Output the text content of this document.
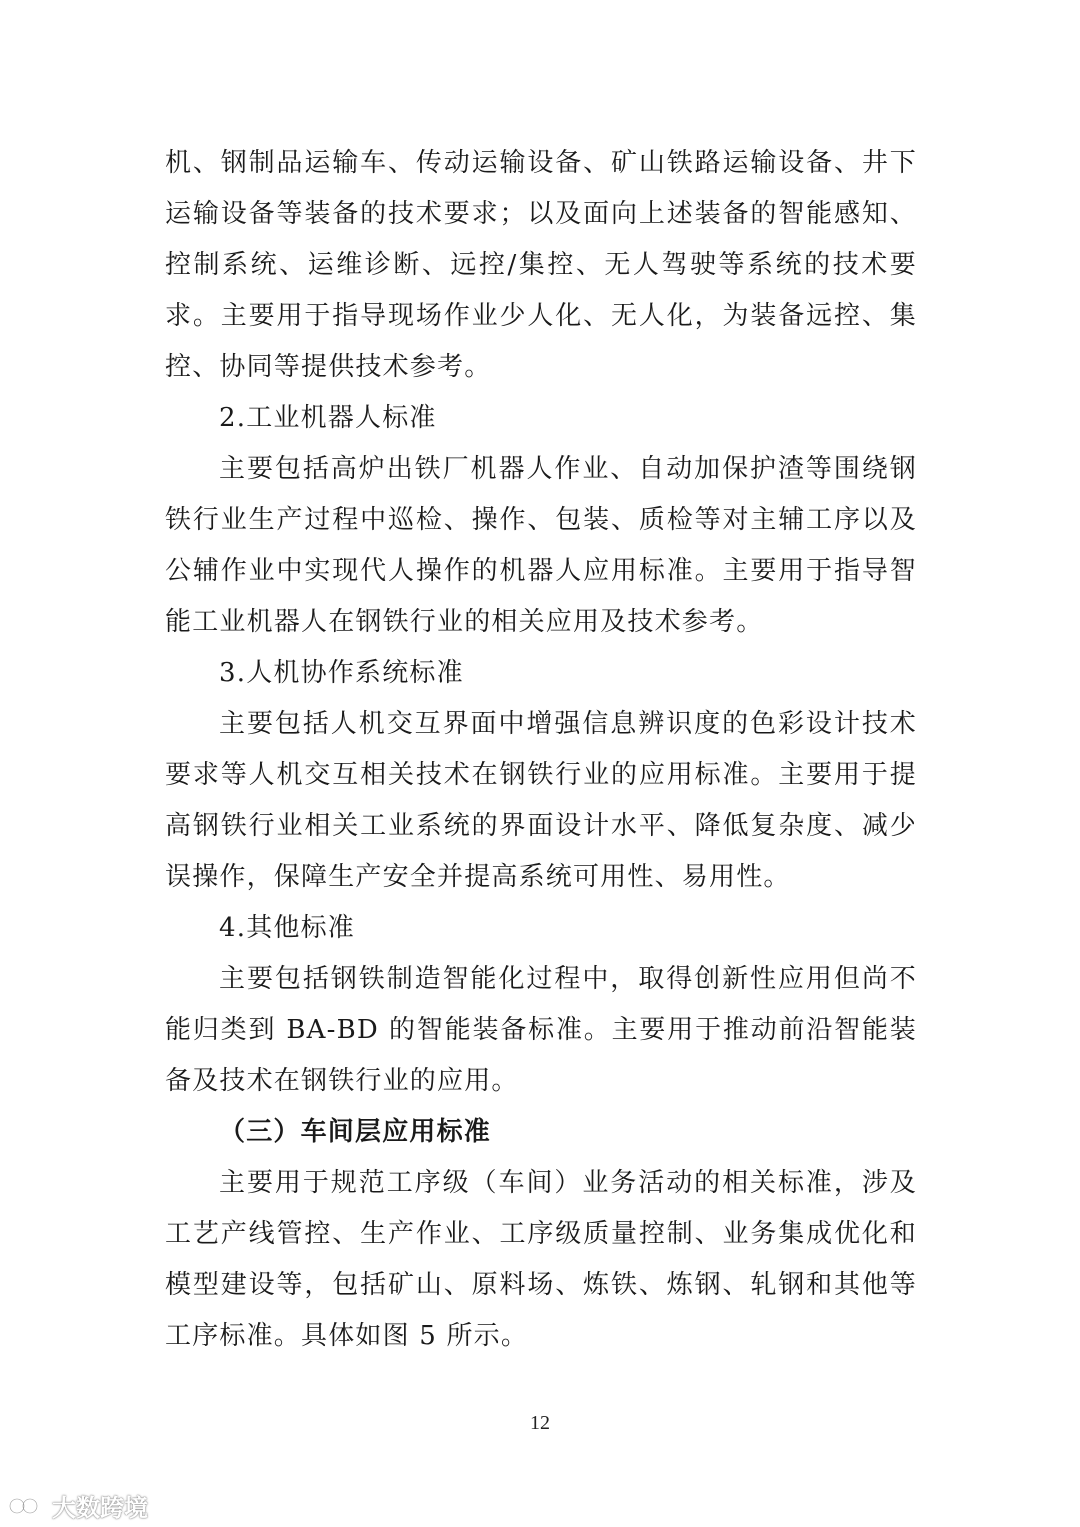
机、钢制品运输车、传动运输设备、矿山铁路运输设备、井下运输设备等装备的技术要求；以及面向上述装备的智能感知、控制系统、运维诊断、远控/集控、无人驾驶等系统的技术要求。主要用于指导现场作业少人化、无人化，为装备远控、集控、协同等提供技术参考。

2.工业机器人标准

主要包括高炉出铁厂机器人作业、自动加保护渣等围绕钢铁行业生产过程中巡检、操作、包装、质检等对主辅工序以及公辅作业中实现代人操作的机器人应用标准。主要用于指导智能工业机器人在钢铁行业的相关应用及技术参考。

3.人机协作系统标准

主要包括人机交互界面中增强信息辨识度的色彩设计技术要求等人机交互相关技术在钢铁行业的应用标准。主要用于提高钢铁行业相关工业系统的界面设计水平、降低复杂度、减少误操作，保障生产安全并提高系统可用性、易用性。

4.其他标准

主要包括钢铁制造智能化过程中，取得创新性应用但尚不能归类到 BA-BD 的智能装备标准。主要用于推动前沿智能装备及技术在钢铁行业的应用。

（三）车间层应用标准

主要用于规范工序级（车间）业务活动的相关标准，涉及工艺产线管控、生产作业、工序级质量控制、业务集成优化和模型建设等，包括矿山、原料场、炼铁、炼钢、轧钢和其他等工序标准。具体如图 5 所示。

12
大数跨境
